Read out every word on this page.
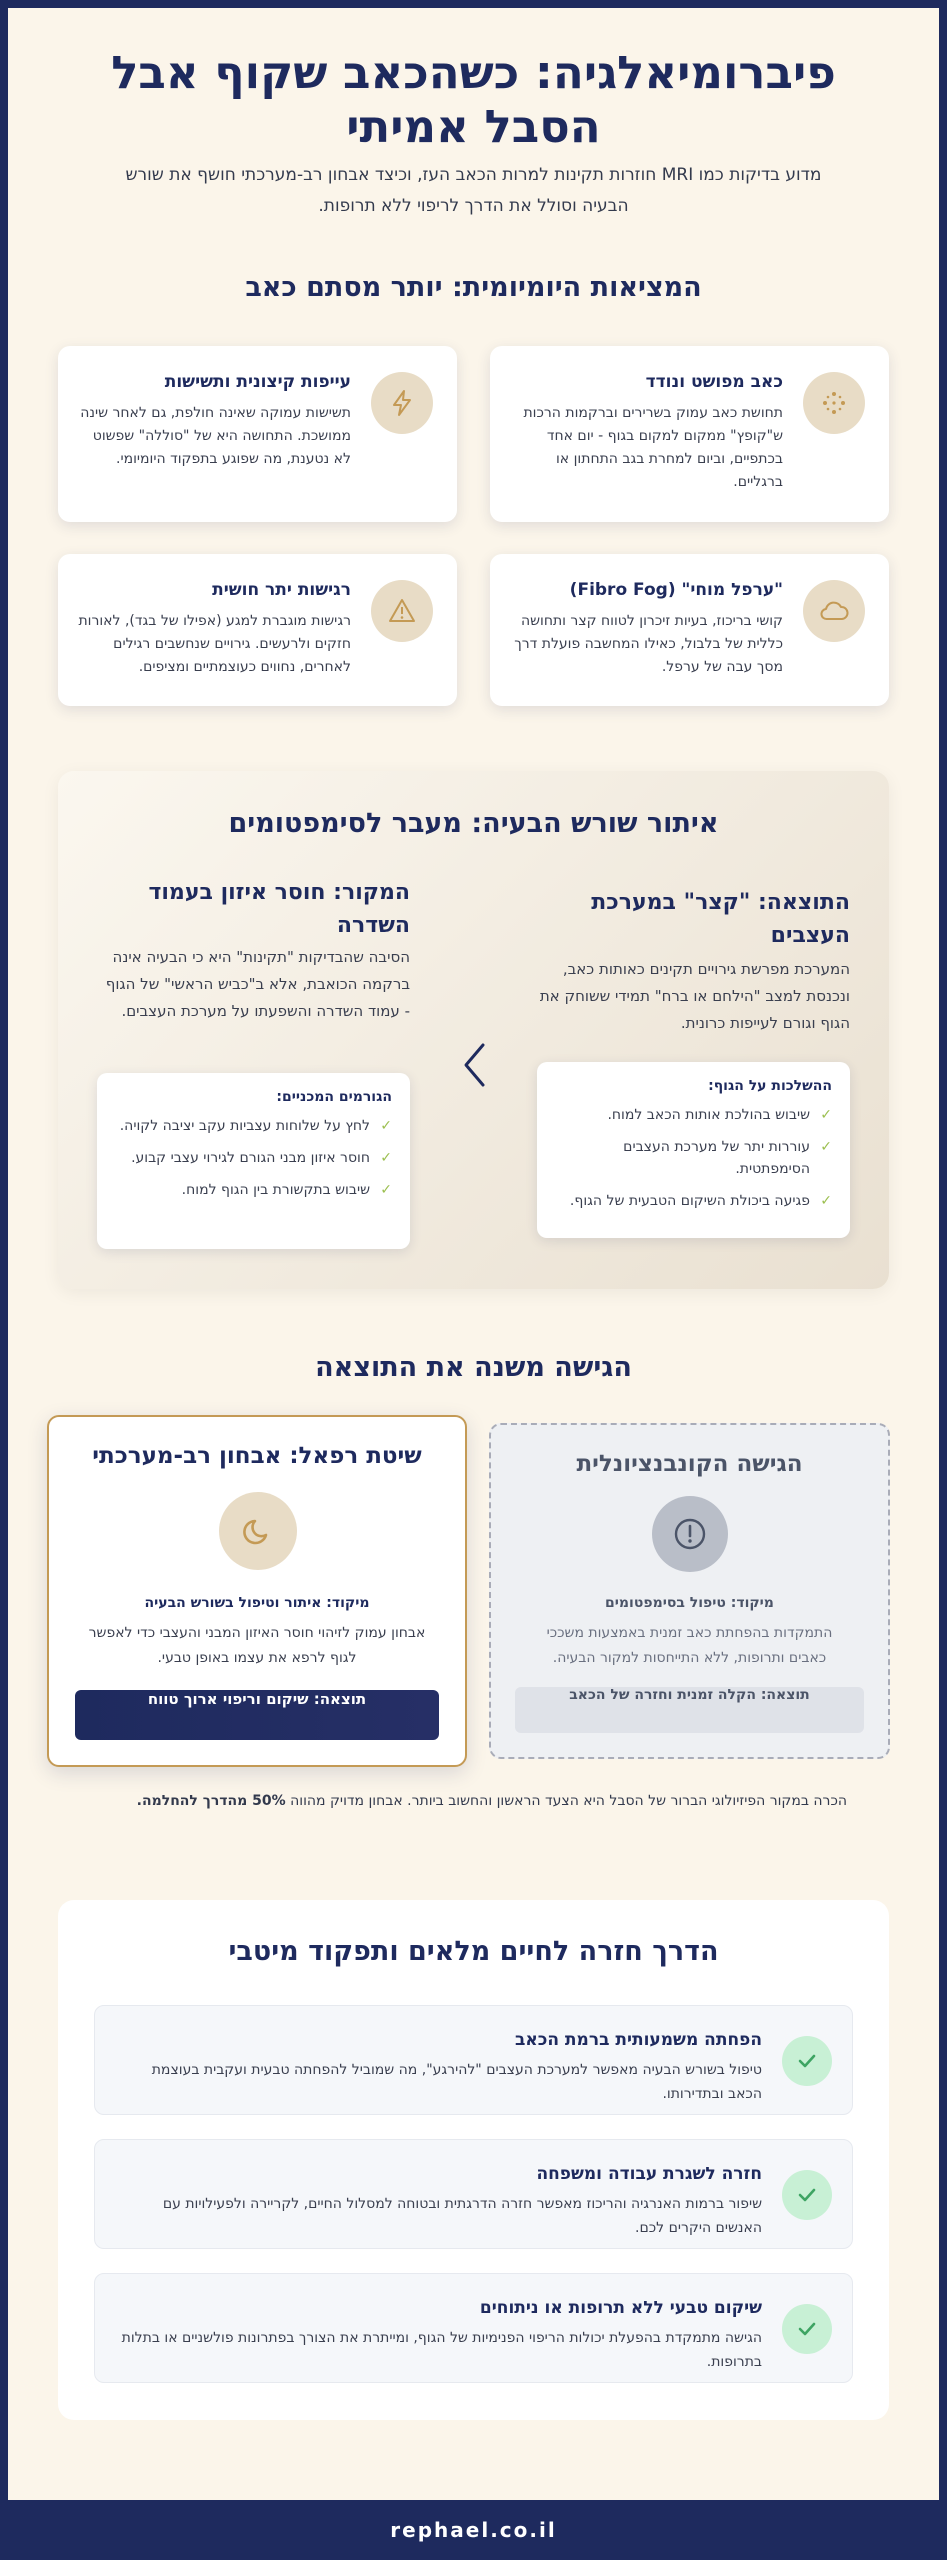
פיברומיאלגיה: כשהכאב שקוף אבל הסבל אמיתי

מדוע בדיקות כמו MRI חוזרות תקינות למרות הכאב העז, וכיצד אבחון רב-מערכתי חושף את שורש הבעיה וסולל את הדרך לריפוי ללא תרופות.

המציאות היומיומית: יותר מסתם כאב
כאב מפושט ונודד
תחושת כאב עמוק בשרירים וברקמות הרכות ש"קופץ" ממקום למקום בגוף - יום אחד בכתפיים, וביום למחרת בגב התחתון או ברגליים.
עייפות קיצונית ותשישות
תשישות עמוקה שאינה חולפת, גם לאחר שינה ממושכת. התחושה היא של "סוללה" שפשוט לא נטענת, מה שפוגע בתפקוד היומיומי.
"ערפל מוחי" (Fibro Fog)
קושי בריכוז, בעיות זיכרון לטווח קצר ותחושה כללית של בלבול, כאילו המחשבה פועלת דרך מסך עבה של ערפל.
רגישות יתר חושית
רגישות מוגברת למגע (אפילו של בגד), לאורות חזקים ולרעשים. גירויים שנחשבים רגילים לאחרים, נחווים כעוצמתיים ומציפים.
איתור שורש הבעיה: מעבר לסימפטומים
התוצאה: "קצר" במערכת העצבים
המערכת מפרשת גירויים תקינים כאותות כאב, ונכנסת למצב "הילחם או ברח" תמידי ששוחק את הגוף וגורם לעייפות כרונית.
ההשלכות על הגוף:
✓
שיבוש בהולכת אותות הכאב למוח.
✓
עוררות יתר של מערכת העצבים הסימפתטית.
✓
פגיעה ביכולת השיקום הטבעית של הגוף.
המקור: חוסר איזון בעמוד השדרה
הסיבה שהבדיקות "תקינות" היא כי הבעיה אינה ברקמה הכואבת, אלא ב"כביש הראשי" של הגוף - עמוד השדרה והשפעתו על מערכת העצבים.
הגורמים המכניים:
✓
לחץ על שלוחות עצביות עקב יציבה לקויה.
✓
חוסר איזון מבני הגורם לגירוי עצבי קבוע.
✓
שיבוש בתקשורת בין הגוף למוח.
הגישה משנה את התוצאה
הגישה הקונבנציונלית
מיקוד: טיפול בסימפטומים
התמקדות בהפחתת כאב זמנית באמצעות משככי כאבים ותרופות, ללא התייחסות למקור הבעיה.
תוצאה: הקלה זמנית וחזרה של הכאב
שיטת רפאל: אבחון רב-מערכתי
מיקוד: איתור וטיפול בשורש הבעיה
אבחון עמוק לזיהוי חוסר האיזון המבני והעצבי כדי לאפשר לגוף לרפא את עצמו באופן טבעי.
תוצאה: שיקום וריפוי ארוך טווח

הכרה במקור הפיזיולוגי הברור של הסבל היא הצעד הראשון והחשוב ביותר. אבחון מדויק מהווה 50% מהדרך להחלמה.

הדרך חזרה לחיים מלאים ותפקוד מיטבי
הפחתה משמעותית ברמת הכאב
טיפול בשורש הבעיה מאפשר למערכת העצבים "להירגע", מה שמוביל להפחתה טבעית ועקבית בעוצמת הכאב ובתדירותו.
חזרה לשגרת עבודה ומשפחה
שיפור ברמות האנרגיה והריכוז מאפשר חזרה הדרגתית ובטוחה למסלול החיים, לקריירה ולפעילויות עם האנשים היקרים לכם.
שיקום טבעי ללא תרופות או ניתוחים
הגישה מתמקדת בהפעלת יכולות הריפוי הפנימיות של הגוף, ומייתרת את הצורך בפתרונות פולשניים או בתלות בתרופות.
rephael.co.il
